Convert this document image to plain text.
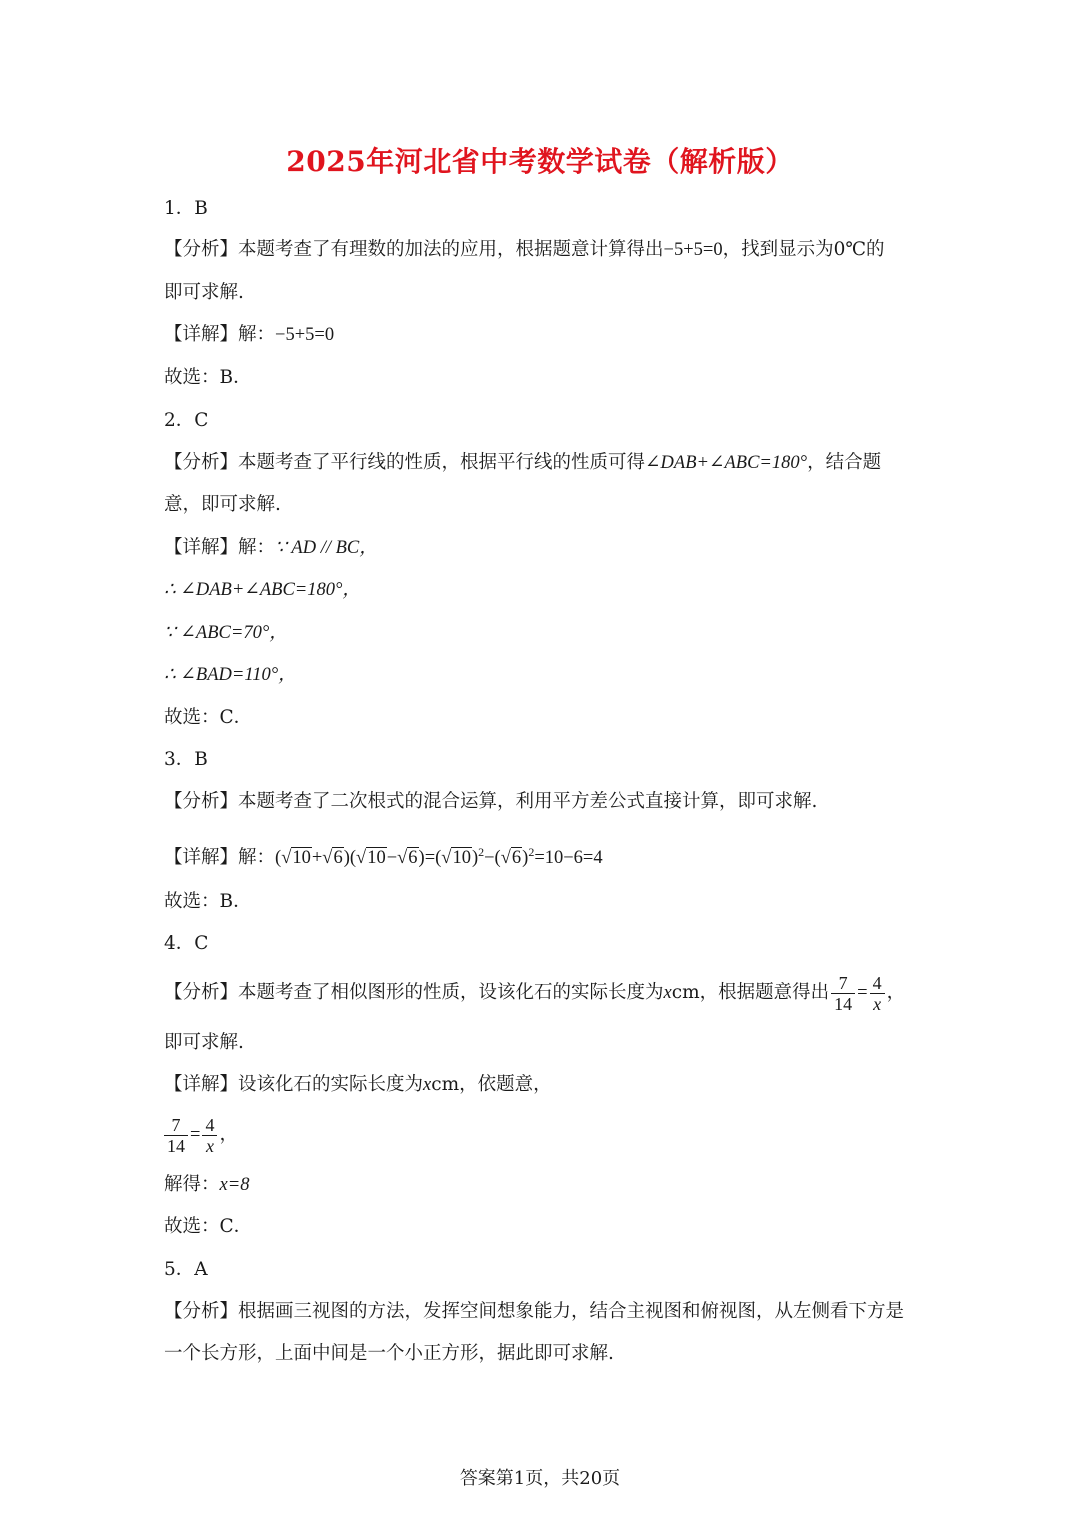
2025年河北省中考数学试卷（解析版）
1．B
【分析】本题考查了有理数的加法的应用，根据题意计算得出−5+5=0，找到显示为0℃的
即可求解.
【详解】解：−5+5=0
故选：B．
2．C
【分析】本题考查了平行线的性质，根据平行线的性质可得∠DAB+∠ABC=180°，结合题
意，即可求解.
【详解】解：∵ AD // BC，
∴ ∠DAB+∠ABC=180°，
∵ ∠ABC=70°，
∴ ∠BAD=110°，
故选：C．
3．B
【分析】本题考查了二次根式的混合运算，利用平方差公式直接计算，即可求解.
【详解】解：$(√10+√6)(√10-√6)=(√10)^2-(√6)^2=10-6=4$
故选：B．
4．C
【分析】本题考查了相似图形的性质，设该化石的实际长度为xcm，根据题意得出 $\frac{7}{14} = \frac{4}{x}$ ，
即可求解.
【详解】设该化石的实际长度为xcm，依题意，
$\frac{7}{14} = \frac{4}{x}$ ，
解得：x=8
故选：C．
5．A
【分析】根据画三视图的方法，发挥空间想象能力，结合主视图和俯视图，从左侧看下方是
一个长方形，上面中间是一个小正方形，据此即可求解.
答案第1页，共20页
